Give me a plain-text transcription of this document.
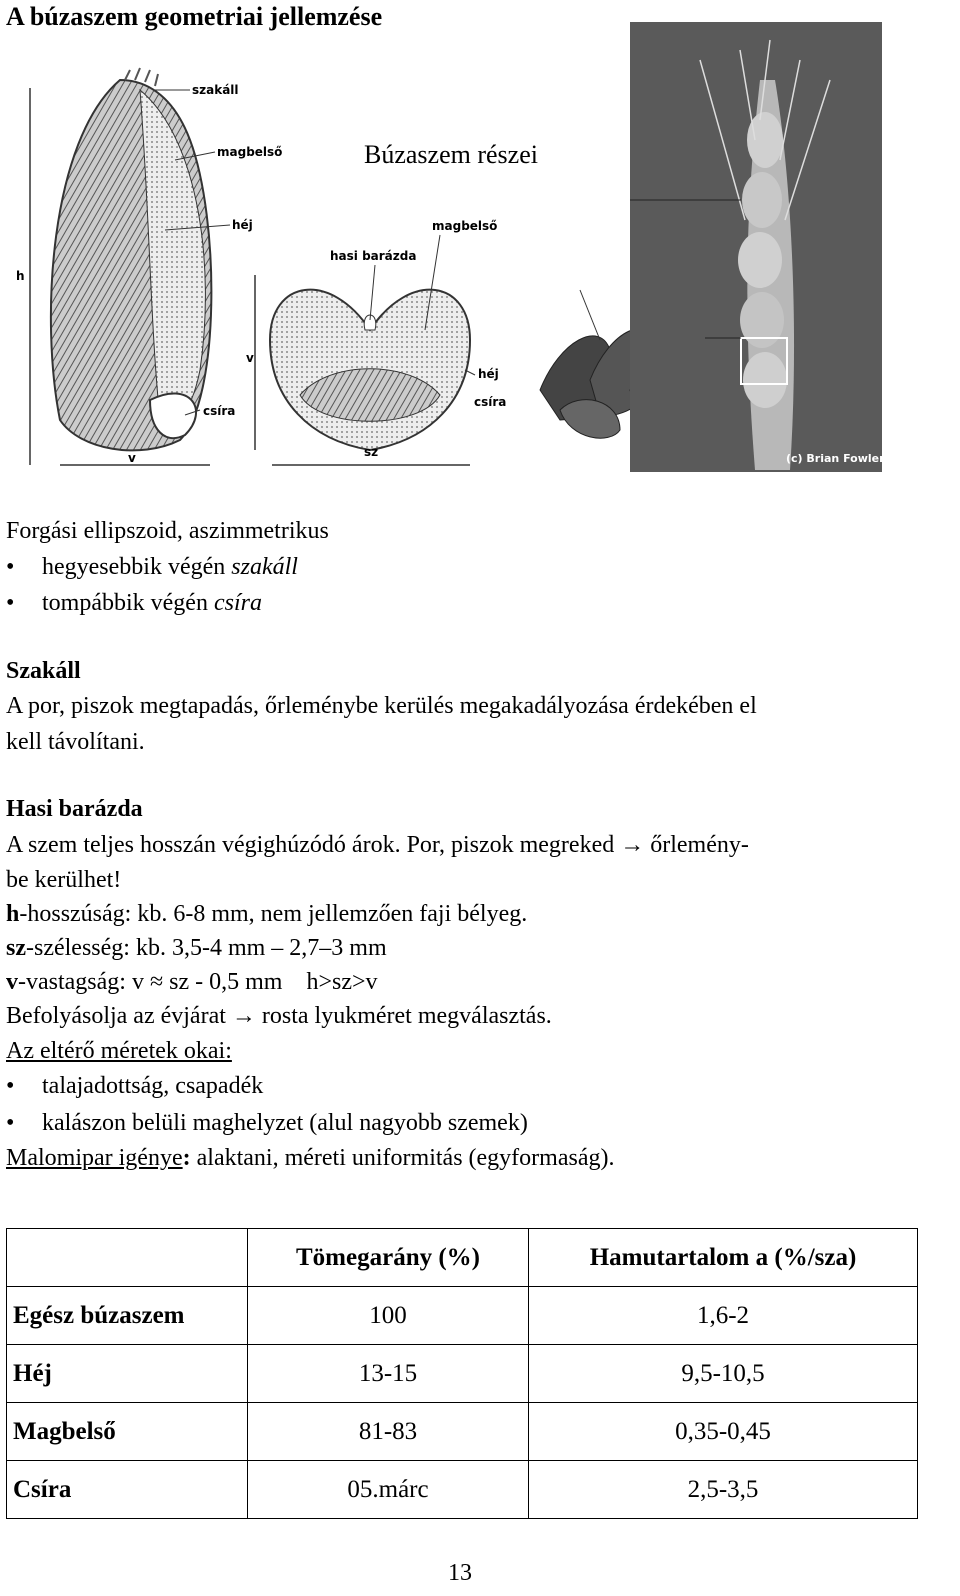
A búzaszem geometriai jellemzése
szakáll
magbelső
héj
h
csíra
v
magbelső
hasi barázda
v
héj
csíra
sz	(c) Brian Fowler
Búzaszem részei
Forgási ellipszoid, aszimmetrikus
• hegyesebbik végén szakáll
• tompábbik végén csíra
Szakáll
A por, piszok megtapadás, őrleménybe kerülés megakadályozása érdekében el
kell távolítani.
Hasi barázda
A szem teljes hosszán végighúzódó árok. Por, piszok megreked → őrlemény-
be kerülhet!
h-hosszúság: kb. 6-8 mm, nem jellemzően faji bélyeg.
sz-szélesség: kb. 3,5-4 mm – 2,7–3 mm
v-vastagság: v ≈ sz - 0,5 mm    h>sz>v
Befolyásolja az évjárat → rosta lyukméret megválasztás.
Az eltérő méretek okai:
• talajadottság, csapadék
• kalászon belüli maghelyzet (alul nagyobb szemek)
Malomipar igénye: alaktani, méreti uniformitás (egyformaság).
	Tömegarány (%)	Hamutartalom a (%/sza)
Egész búzaszem	100	1,6-2
Héj	13-15	9,5-10,5
Magbelső	81-83	0,35-0,45
Csíra	05.márc	2,5-3,5
13
